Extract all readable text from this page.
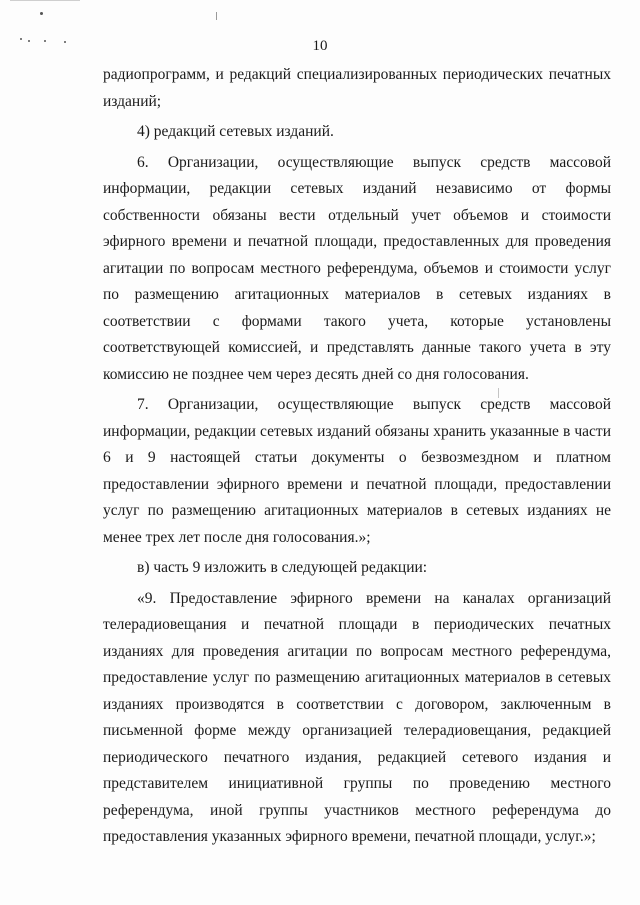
10

радиопрограмм, и редакций специализированных периодических печатных изданий;

4) редакций сетевых изданий.

6. Организации, осуществляющие выпуск средств массовой информации, редакции сетевых изданий независимо от формы собственности обязаны вести отдельный учет объемов и стоимости эфирного времени и печатной площади, предоставленных для проведения агитации по вопросам местного референдума, объемов и стоимости услуг по размещению агитационных материалов в сетевых изданиях в соответствии с формами такого учета, которые установлены соответствующей комиссией, и представлять данные такого учета в эту комиссию не позднее чем через десять дней со дня голосования.

7. Организации, осуществляющие выпуск средств массовой информации, редакции сетевых изданий обязаны хранить указанные в части 6 и 9 настоящей статьи документы о безвозмездном и платном предоставлении эфирного времени и печатной площади, предоставлении услуг по размещению агитационных материалов в сетевых изданиях не менее трех лет после дня голосования.»;

в) часть 9 изложить в следующей редакции:

«9. Предоставление эфирного времени на каналах организаций телерадиовещания и печатной площади в периодических печатных изданиях для проведения агитации по вопросам местного референдума, предоставление услуг по размещению агитационных материалов в сетевых изданиях производятся в соответствии с договором, заключенным в письменной форме между организацией телерадиовещания, редакцией периодического печатного издания, редакцией сетевого издания и представителем инициативной группы по проведению местного референдума, иной группы участников местного референдума до предоставления указанных эфирного времени, печатной площади, услуг.»;
